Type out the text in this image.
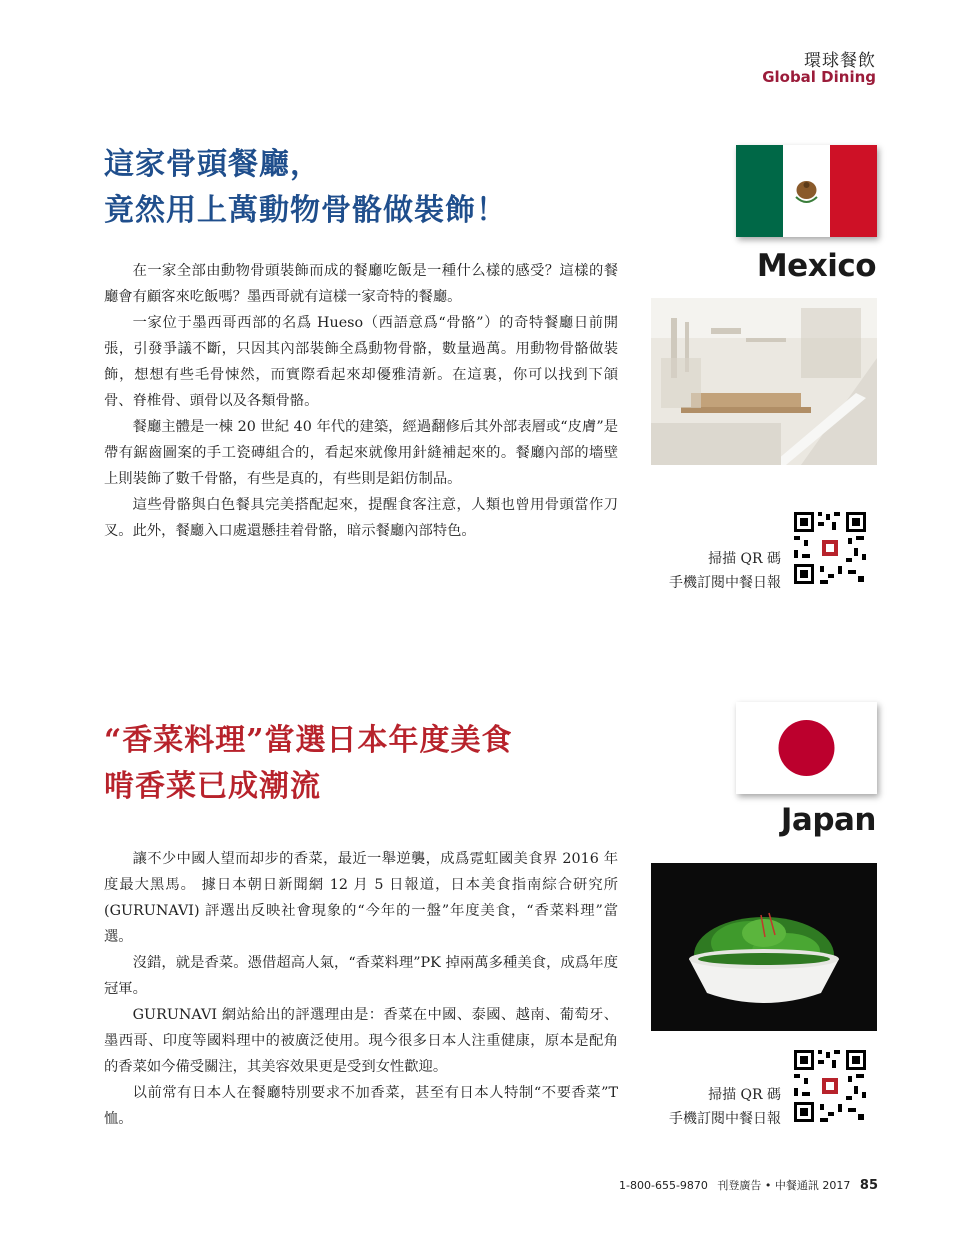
環球餐飲
Global Dining
這家骨頭餐廳，
竟然用上萬動物骨骼做裝飾！

在一家全部由動物骨頭裝飾而成的餐廳吃飯是一種什么樣的感受？這樣的餐廳會有顧客來吃飯嗎？墨西哥就有這樣一家奇特的餐廳。

一家位于墨西哥西部的名爲 Hueso（西語意爲“骨骼”）的奇特餐廳日前開張，引發爭議不斷，只因其內部裝飾全爲動物骨骼，數量過萬。用動物骨骼做裝飾，想想有些毛骨悚然，而實際看起來却優雅清新。在這裏，你可以找到下頜骨、脊椎骨、頭骨以及各類骨骼。

餐廳主體是一棟 20 世紀 40 年代的建築，經過翻修后其外部表層或“皮膚”是帶有鋸齒圖案的手工瓷磚組合的，看起來就像用針縫補起來的。餐廳內部的墻壁上則裝飾了數千骨骼，有些是真的，有些則是鋁仿制品。

這些骨骼與白色餐具完美搭配起來，提醒食客注意，人類也曾用骨頭當作刀叉。此外，餐廳入口處還懸挂着骨骼，暗示餐廳內部特色。

Mexico
掃描 QR 碼
手機訂閱中餐日報
“香菜料理”當選日本年度美食
啃香菜已成潮流

讓不少中國人望而却步的香菜，最近一舉逆襲，成爲霓虹國美食界 2016 年度最大黑馬。 據日本朝日新聞網 12 月 5 日報道，日本美食指南綜合研究所 (GURUNAVI) 評選出反映社會現象的“今年的一盤”年度美食，“香菜料理”當選。

沒錯，就是香菜。憑借超高人氣，“香菜料理”PK 掉兩萬多種美食，成爲年度冠軍。

GURUNAVI 網站給出的評選理由是：香菜在中國、泰國、越南、葡萄牙、墨西哥、印度等國料理中的被廣泛使用。現今很多日本人注重健康，原本是配角的香菜如今備受關注，其美容效果更是受到女性歡迎。

以前常有日本人在餐廳特別要求不加香菜，甚至有日本人特制“不要香菜”T 恤。

Japan
掃描 QR 碼
手機訂閱中餐日報
1-800-655-9870 刊登廣告 • 中餐通訊 2017 85
